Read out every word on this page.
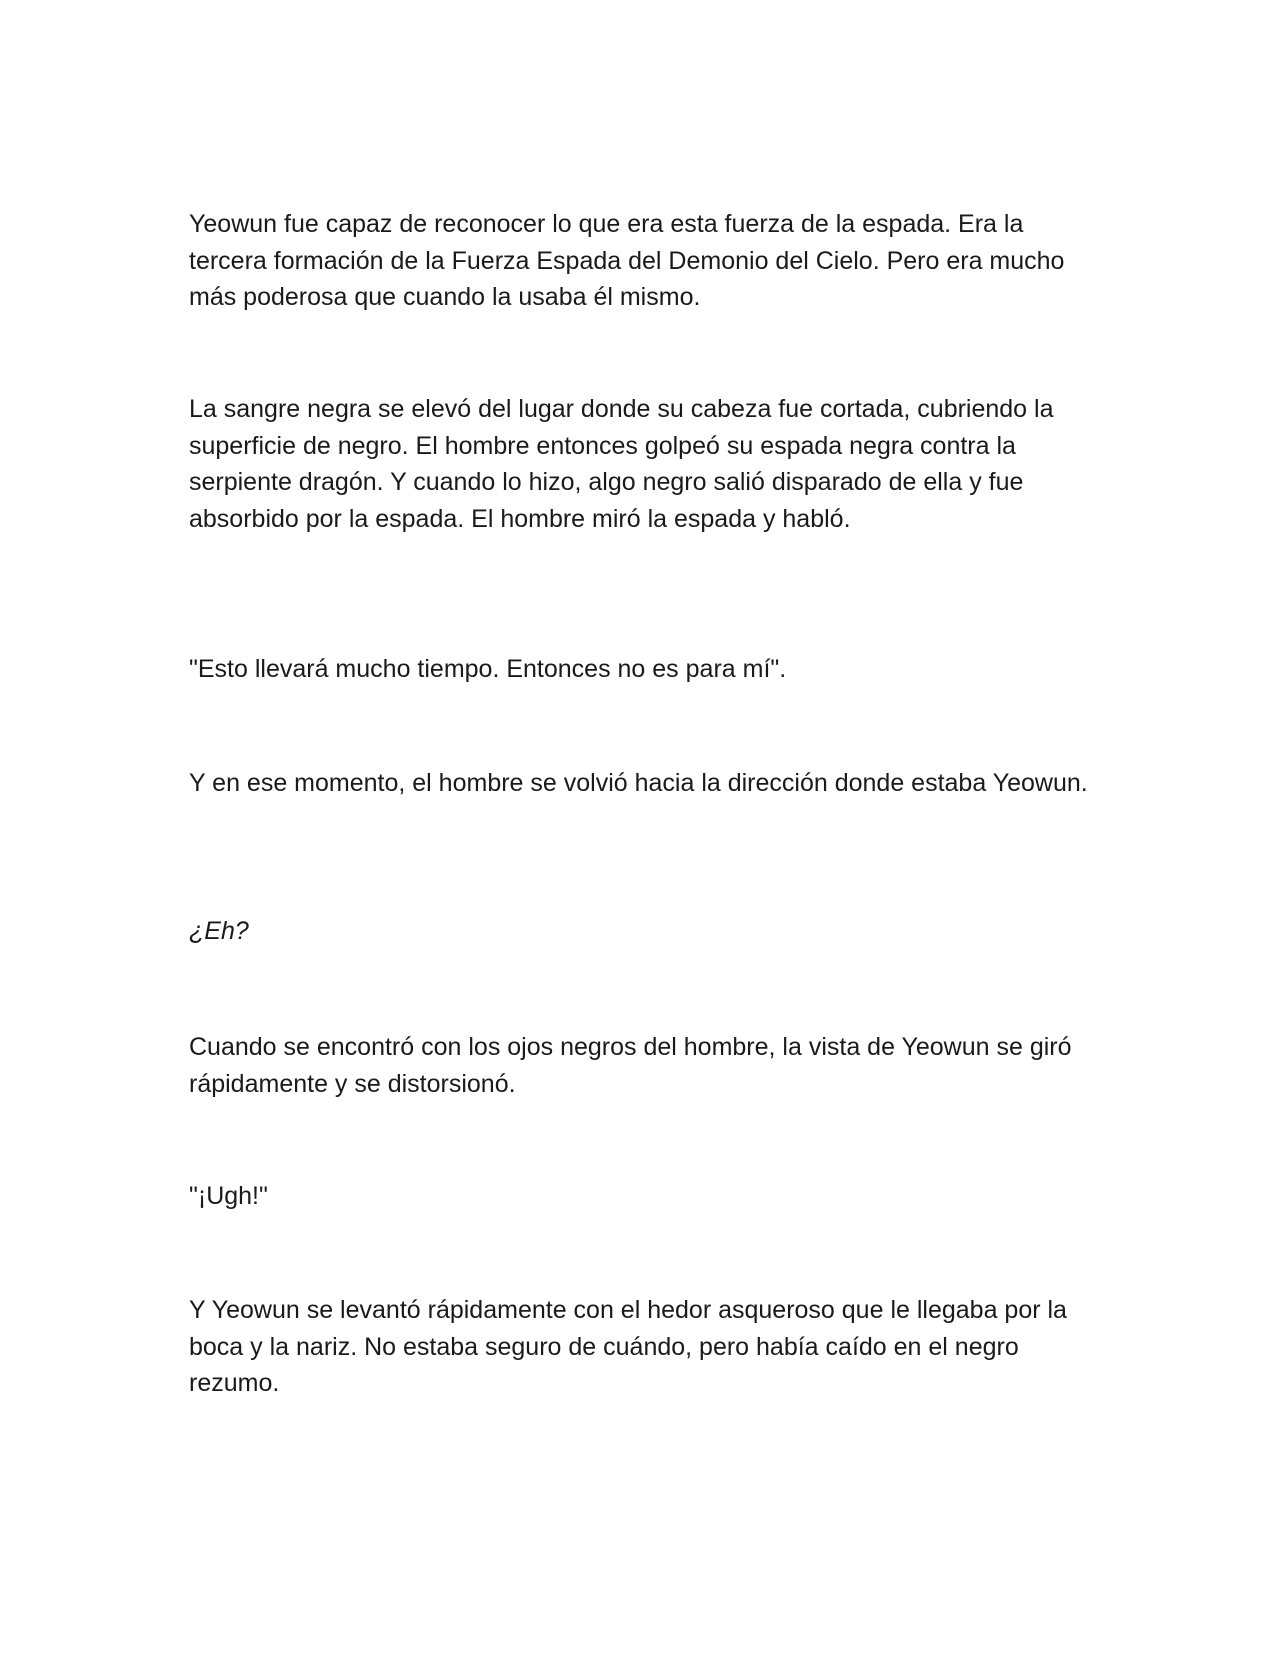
Yeowun fue capaz de reconocer lo que era esta fuerza de la espada. Era la tercera formación de la Fuerza Espada del Demonio del Cielo. Pero era mucho más poderosa que cuando la usaba él mismo.

La sangre negra se elevó del lugar donde su cabeza fue cortada, cubriendo la superficie de negro. El hombre entonces golpeó su espada negra contra la serpiente dragón. Y cuando lo hizo, algo negro salió disparado de ella y fue absorbido por la espada. El hombre miró la espada y habló.

"Esto llevará mucho tiempo. Entonces no es para mí".

Y en ese momento, el hombre se volvió hacia la dirección donde estaba Yeowun.

¿Eh?

Cuando se encontró con los ojos negros del hombre, la vista de Yeowun se giró rápidamente y se distorsionó.

"¡Ugh!"

Y Yeowun se levantó rápidamente con el hedor asqueroso que le llegaba por la boca y la nariz. No estaba seguro de cuándo, pero había caído en el negro rezumo.
